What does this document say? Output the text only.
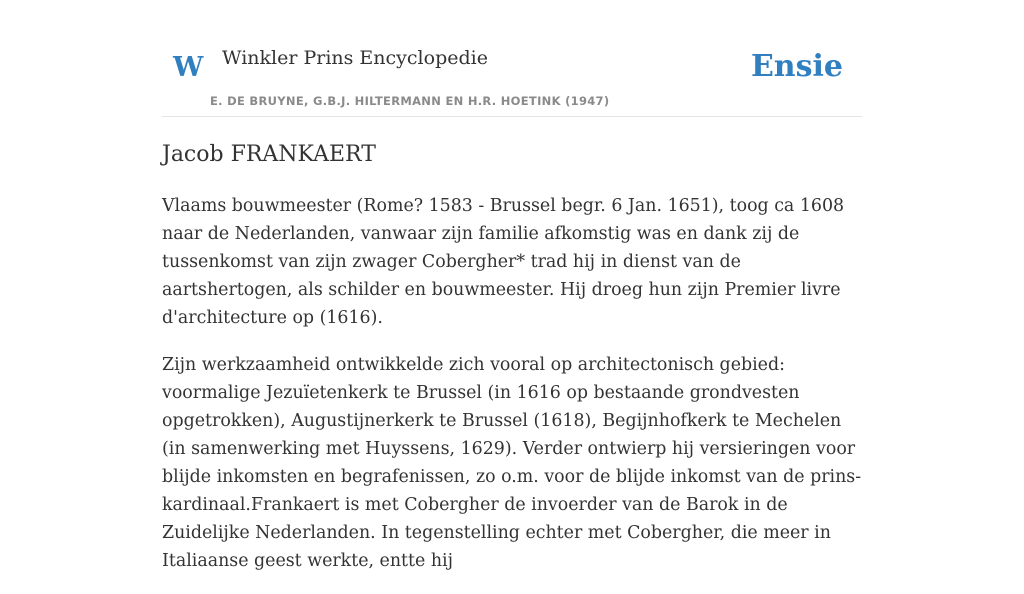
W Winkler Prins Encyclopedie
E. DE BRUYNE, G.B.J. HILTERMANN EN H.R. HOETINK (1947)
Ensie
Jacob FRANKAERT

Vlaams bouwmeester (Rome? 1583 - Brussel begr. 6 Jan. 1651), toog ca 1608 naar de Nederlanden, vanwaar zijn familie afkomstig was en dank zij de tussenkomst van zijn zwager Cobergher* trad hij in dienst van de aartshertogen, als schilder en bouwmeester. Hij droeg hun zijn Premier livre d'architecture op (1616).

Zijn werkzaamheid ontwikkelde zich vooral op architectonisch gebied: voormalige Jezuïetenkerk te Brussel (in 1616 op bestaande grondvesten opgetrokken), Augustijnerkerk te Brussel (1618), Begijnhofkerk te Mechelen (in samenwerking met Huyssens, 1629). Verder ontwierp hij versieringen voor blijde inkomsten en begrafenissen, zo o.m. voor de blijde inkomst van de prins-kardinaal.Frankaert is met Cobergher de invoerder van de Barok in de Zuidelijke Nederlanden. In tegenstelling echter met Cobergher, die meer in Italiaanse geest werkte, entte hij
